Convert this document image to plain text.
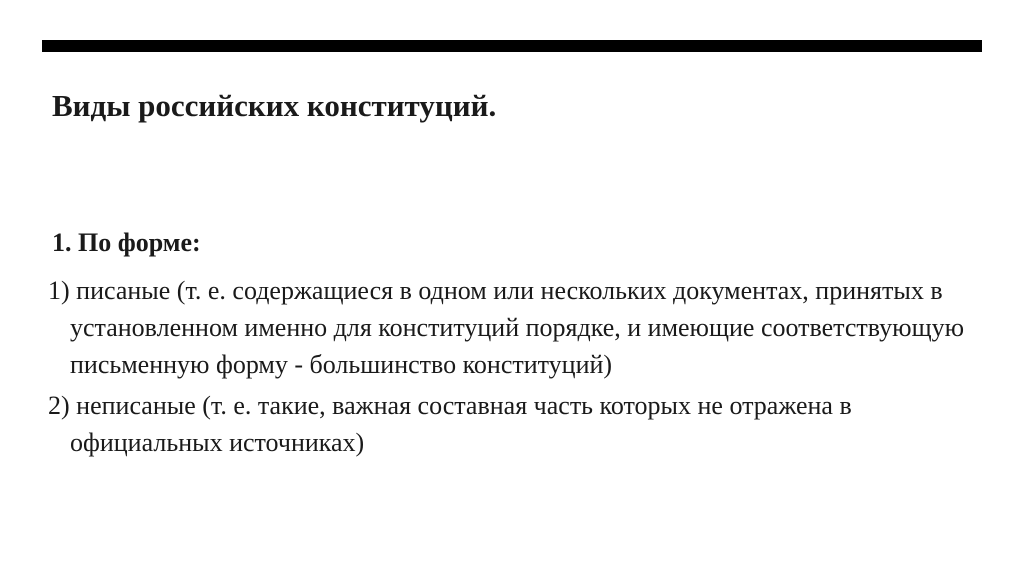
Виды российских конституций.
1. По форме:
1) писаные (т. е. содержащиеся в одном или нескольких документах, принятых в установленном именно для конституций порядке, и имеющие соответствующую письменную форму - большинство конституций)
2) неписаные (т. е. такие, важная составная часть которых не отражена в официальных источниках)
